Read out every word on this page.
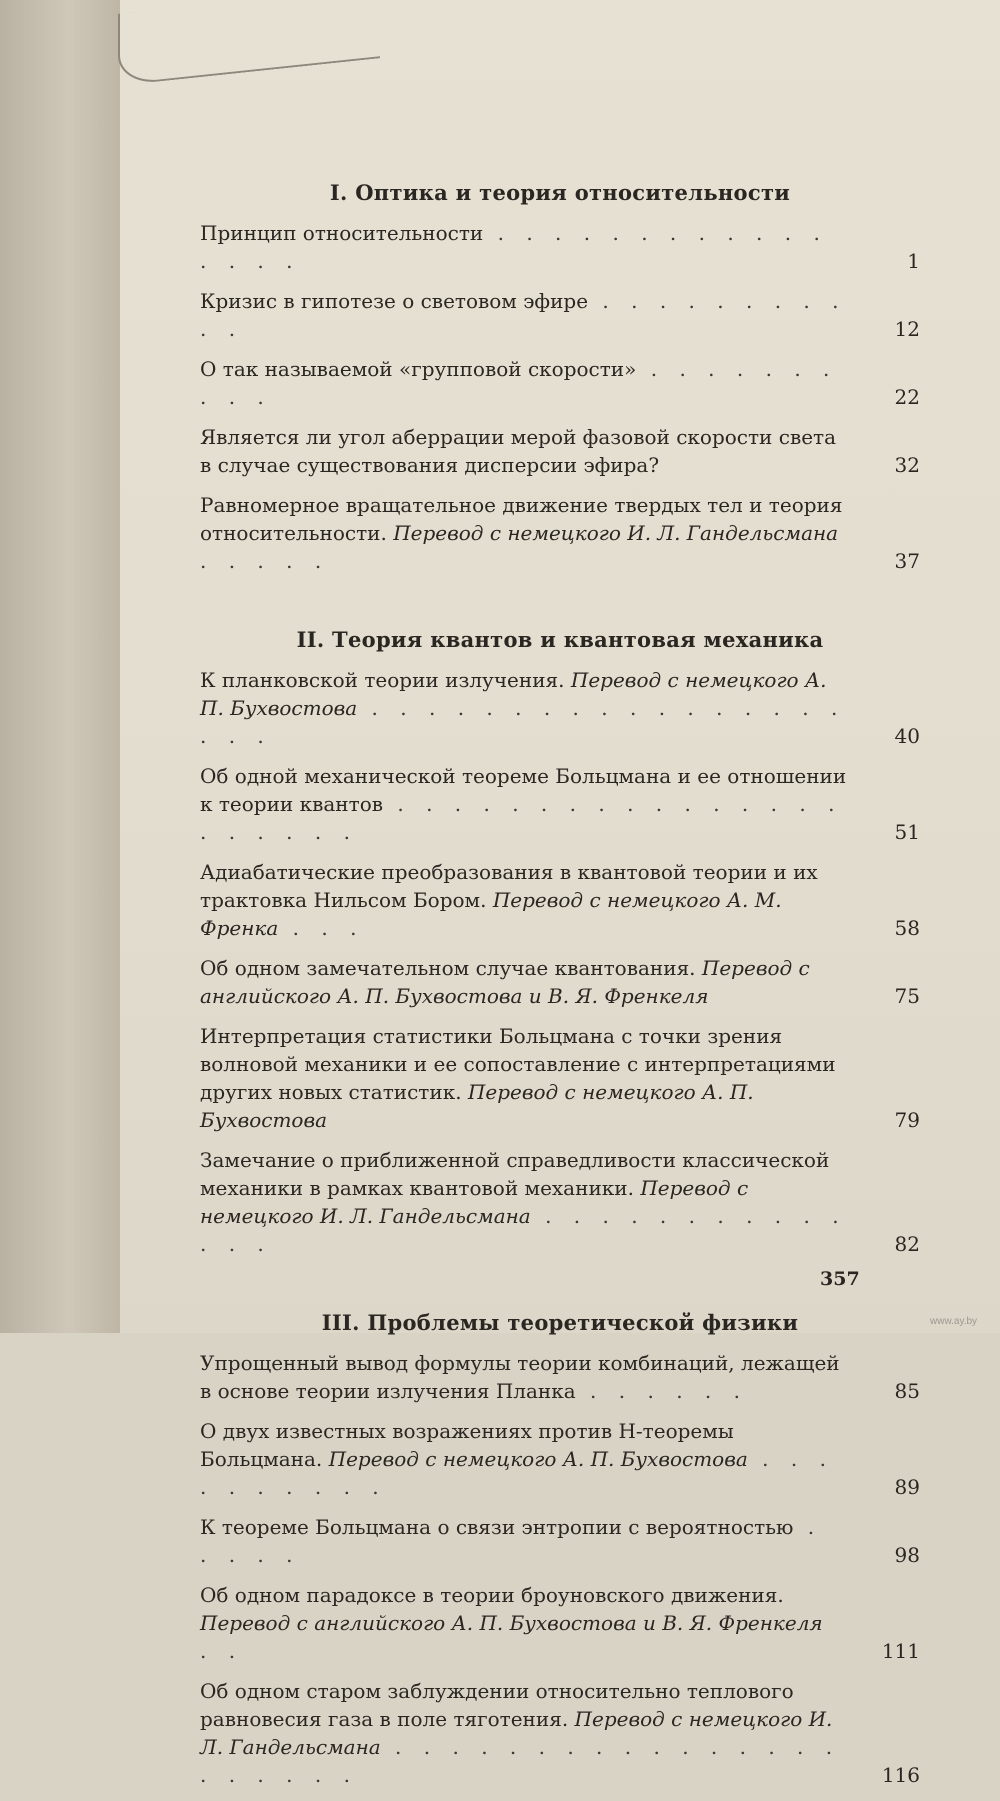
I. Оптика и теория относительности
Принцип относительности . . . . . . . . . . . . . . . .	1
Кризис в гипотезе о световом эфире . . . . . . . . . . .	12
О так называемой «групповой скорости» . . . . . . . . . .	22
Является ли угол аберрации мерой фазовой скорости света в случае существования дисперсии эфира?	32
Равномерное вращательное движение твердых тел и теория относительности. Перевод с немецкого И. Л. Гандельсмана . . . . .	37
II. Теория квантов и квантовая механика
К планковской теории излучения. Перевод с немецкого А. П. Бухвостова . . . . . . . . . . . . . . . . . . . .	40
Об одной механической теореме Больцмана и ее отношении к теории квантов . . . . . . . . . . . . . . . . . . . . . .	51
Адиабатические преобразования в квантовой теории и их трактовка Нильсом Бором. Перевод с немецкого А. М. Френка . . .	58
Об одном замечательном случае квантования. Перевод с английского А. П. Бухвостова и В. Я. Френкеля	75
Интерпретация статистики Больцмана с точки зрения волновой механики и ее сопоставление с интерпретациями других новых статистик. Перевод с немецкого А. П. Бухвостова	79
Замечание о приближенной справедливости классической механики в рамках квантовой механики. Перевод с немецкого И. Л. Гандельсмана . . . . . . . . . . . . . .	82
III. Проблемы теоретической физики
Упрощенный вывод формулы теории комбинаций, лежащей в основе теории излучения Планка . . . . . .	85
О двух известных возражениях против H-теоремы Больцмана. Перевод с немецкого А. П. Бухвостова . . . . . . . . . .	89
К теореме Больцмана о связи энтропии с вероятностью . . . . .	98
Об одном парадоксе в теории броуновского движения. Перевод с английского А. П. Бухвостова и В. Я. Френкеля . .	111
Об одном старом заблуждении относительно теплового равновесия газа в поле тяготения. Перевод с немецкого И. Л. Гандельсмана . . . . . . . . . . . . . . . . . . . . . .	116
357
www.ay.by
